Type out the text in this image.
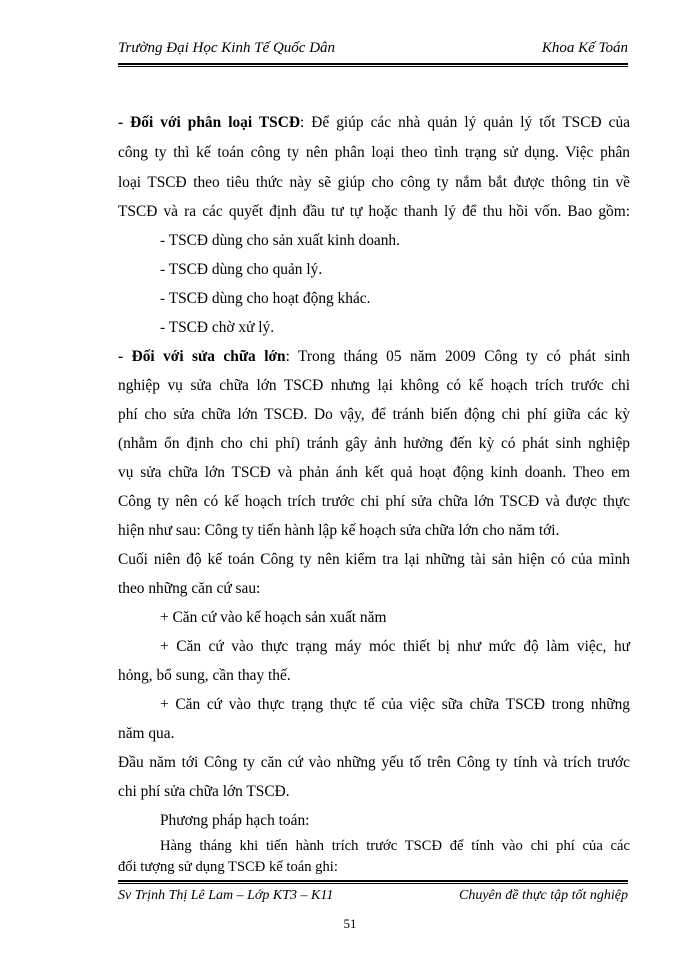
Trường Đại Học Kinh Tế Quốc Dân	Khoa Kế Toán
- Đối với phân loại TSCĐ: Để giúp các nhà quản lý quản lý tốt TSCĐ của
công ty thì kế toán công ty nên phân loại theo tình trạng sử dụng. Việc phân
loại TSCĐ theo tiêu thức này sẽ giúp cho công ty nắm bắt được thông tin về
TSCĐ và ra các quyết định đầu tư tự hoặc thanh lý để thu hồi vốn. Bao gồm:
- TSCĐ dùng cho sản xuất kinh doanh.
- TSCĐ dùng cho quản lý.
- TSCĐ dùng cho hoạt động khác.
- TSCĐ chờ xử lý.
- Đối với sửa chữa lớn: Trong tháng 05 năm 2009 Công ty có phát sinh
nghiệp vụ sửa chữa lớn TSCĐ nhưng lại không có kế hoạch trích trước chi
phí cho sửa chữa lớn TSCĐ. Do vậy, để tránh biến động chi phí giữa các kỳ
(nhằm ổn định cho chi phí) tránh gây ảnh hưởng đến kỳ có phát sinh nghiệp
vụ sửa chữa lớn TSCĐ và phản ánh kết quả hoạt động kinh doanh. Theo em
Công ty nên có kế hoạch trích trước chi phí sửa chữa lớn TSCĐ và được thực
hiện như sau: Công ty tiến hành lập kế hoạch sửa chữa lớn cho năm tới.
Cuối niên độ kế toán Công ty nên kiểm tra lại những tài sản hiện có của mình
theo những căn cứ sau:
+ Căn cứ vào kế hoạch sản xuất năm
+ Căn cứ vào thực trạng máy móc thiết bị như mức độ làm việc, hư
hỏng, bổ sung, cần thay thế.
+ Căn cứ vào thực trạng thực tế của việc sữa chữa TSCĐ trong những
năm qua.
Đầu năm tới Công ty căn cứ vào những yếu tố trên Công ty tính và trích trước
chi phí sửa chữa lớn TSCĐ.
Phương pháp hạch toán:
Sv Trịnh Thị Lê Lam – Lớp KT3 – K11	Chuyên đề thực tập tốt nghiệp
51
Hàng tháng khi tiến hành trích trước TSCĐ để tính vào chi phí của các
đối tượng sử dụng TSCĐ kế toán ghi:
